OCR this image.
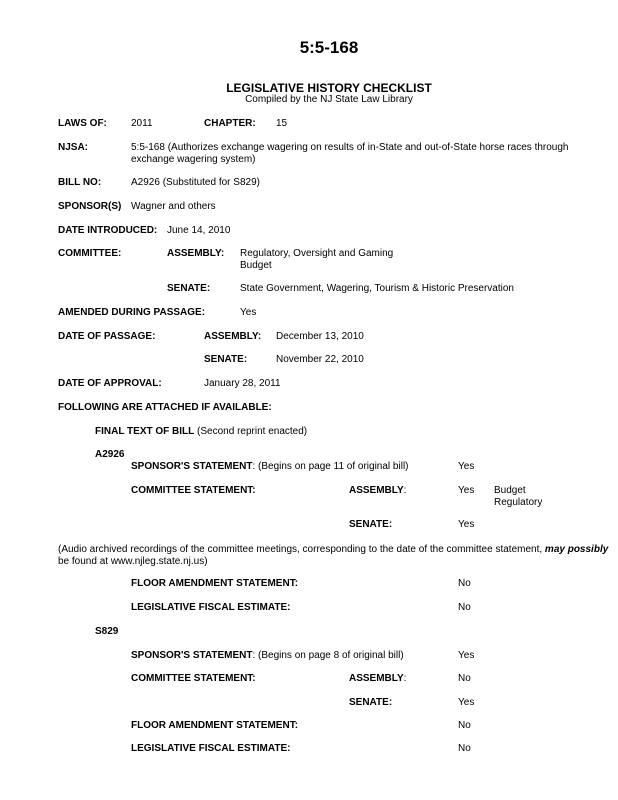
5:5-168
LEGISLATIVE HISTORY CHECKLIST
Compiled by the NJ State Law Library
LAWS OF: 2011	CHAPTER: 15
NJSA:	5:5-168 (Authorizes exchange wagering on results of in-State and out-of-State horse races through
exchange wagering system)
BILL NO:	A2926 (Substituted for S829)
SPONSOR(S) Wagner and others
DATE INTRODUCED: June 14, 2010
COMMITTEE:	ASSEMBLY: Regulatory, Oversight and Gaming
Budget
SENATE:	State Government, Wagering, Tourism & Historic Preservation
AMENDED DURING PASSAGE:	Yes
DATE OF PASSAGE:	ASSEMBLY: December 13, 2010
SENATE:	November 22, 2010
DATE OF APPROVAL:	January 28, 2011
FOLLOWING ARE ATTACHED IF AVAILABLE:
FINAL TEXT OF BILL (Second reprint enacted)
A2926
SPONSOR'S STATEMENT: (Begins on page 11 of original bill)	Yes
COMMITTEE STATEMENT:	ASSEMBLY:	Yes Budget
Regulatory
SENATE:	Yes
(Audio archived recordings of the committee meetings, corresponding to the date of the committee statement, may possibly
be found at www.njleg.state.nj.us)
FLOOR AMENDMENT STATEMENT:	No
LEGISLATIVE FISCAL ESTIMATE:	No
S829
SPONSOR'S STATEMENT: (Begins on page 8 of original bill)	Yes
COMMITTEE STATEMENT:	ASSEMBLY:	No
SENATE:	Yes
FLOOR AMENDMENT STATEMENT:	No
LEGISLATIVE FISCAL ESTIMATE:	No
